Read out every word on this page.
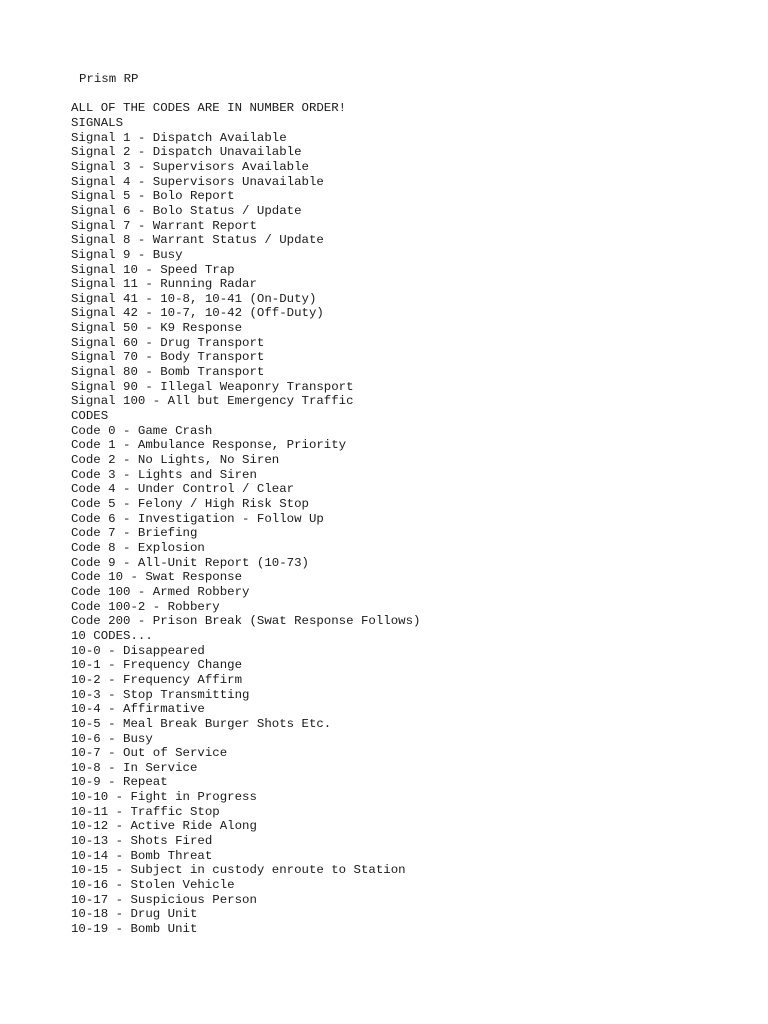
Prism RP
ALL OF THE CODES ARE IN NUMBER ORDER!
SIGNALS
Signal 1 - Dispatch Available
Signal 2 - Dispatch Unavailable
Signal 3 - Supervisors Available
Signal 4 - Supervisors Unavailable
Signal 5 - Bolo Report
Signal 6 - Bolo Status / Update
Signal 7 - Warrant Report
Signal 8 - Warrant Status / Update
Signal 9 - Busy
Signal 10 - Speed Trap
Signal 11 - Running Radar
Signal 41 - 10-8, 10-41 (On-Duty)
Signal 42 - 10-7, 10-42 (Off-Duty)
Signal 50 - K9 Response
Signal 60 - Drug Transport
Signal 70 - Body Transport
Signal 80 - Bomb Transport
Signal 90 - Illegal Weaponry Transport
Signal 100 - All but Emergency Traffic
CODES
Code 0 - Game Crash
Code 1 - Ambulance Response, Priority
Code 2 - No Lights, No Siren
Code 3 - Lights and Siren
Code 4 - Under Control / Clear
Code 5 - Felony / High Risk Stop
Code 6 - Investigation - Follow Up
Code 7 - Briefing
Code 8 - Explosion
Code 9 - All-Unit Report (10-73)
Code 10 - Swat Response
Code 100 - Armed Robbery
Code 100-2 - Robbery
Code 200 - Prison Break (Swat Response Follows)
10 CODES...
10-0 - Disappeared
10-1 - Frequency Change
10-2 - Frequency Affirm
10-3 - Stop Transmitting
10-4 - Affirmative
10-5 - Meal Break Burger Shots Etc.
10-6 - Busy
10-7 - Out of Service
10-8 - In Service
10-9 - Repeat
10-10 - Fight in Progress
10-11 - Traffic Stop
10-12 - Active Ride Along
10-13 - Shots Fired
10-14 - Bomb Threat
10-15 - Subject in custody enroute to Station
10-16 - Stolen Vehicle
10-17 - Suspicious Person
10-18 - Drug Unit
10-19 - Bomb Unit
